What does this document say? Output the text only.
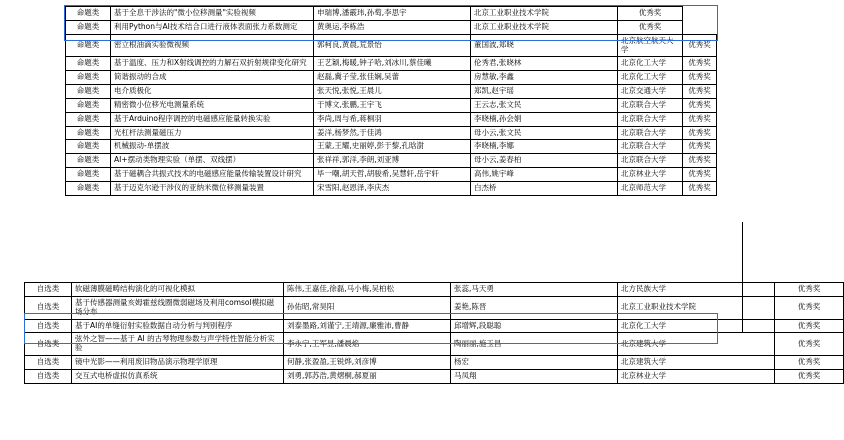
命题类	基于全息干涉法的"微小位移测量"实验视频	申瑞博,潘霰玮,孙萄,李思宇	北京工业职业技术学院	优秀奖	
命题类	利用Python与AI技术结合口进行液体表面张力系数测定	黄奥运,李栋浩	北京工业职业技术学院	优秀奖	
命题类	密立根油滴实验微视频	郭柯良,黄晨,荒景怡	董国波,郑晓	北京航空航天大学	优秀奖
命题类	基于温度、压力和X射线调控的力解石双折射规律变化研究	王艺颖,梅暖,钟子哈,刘冰川,蔡佳曦	伦秀君,张晓林	北京化工大学	优秀奖
命题类	简谐振动的合成	赵磊,冀子莹,张佳娴,吴蕾	房慧敏,李鑫	北京化工大学	优秀奖
命题类	电介质极化	张天悦,张悦,王晨儿	郑凯,赵宇瑶	北京交通大学	优秀奖
命题类	精密微小位移光电测量系统	于博文,张鹏,王宇飞	王云志,张文民	北京联合大学	优秀奖
命题类	基于Arduino程序调控的电磁感应能量转换实验	李尚,周与希,蒋桐羽	李晓楠,孙会娟	北京联合大学	优秀奖
命题类	光杠杆法测量磁压力	姜洋,杨梦然,于佳鸿	母小云,张文民	北京联合大学	优秀奖
命题类	机械振动-单摆波	王蒙,王耀,史丽婷,彭于黎,孔晗澍	李晓楠,李娜	北京联合大学	优秀奖
命题类	AI+摆动类物理实验（单摆、双线摆）	张祥祥,郭洋,李朗,刘亚博	母小云,姜春柏	北京联合大学	优秀奖
命题类	基于磁耦合共振式技术的电磁感应能量传输装置设计研究	毕一嘲,胡天哲,胡骏希,吴慧轩,岳宇轩	高伟,姚宇峰	北京林业大学	优秀奖
命题类	基于迈克尔逊干涉仪的亚纳米微位移测量装置	宋雪阳,赵恩泽,李庆杰	白杰桥	北京师范大学	优秀奖
自选类	软磁薄膜磁畴结构演化的可视化模拟	陈伟,王嘉佳,徐磊,马小梅,吴柏松	张蕊,马天勇	北方民族大学	优秀奖
自选类	基于传感器测量亥姆霍兹线圈微弱磁场及利用comsol模拟磁场分布	孙佑昭,常昊阳	姜艳,陈晋	北京工业职业技术学院	优秀奖
自选类	基于AI的单缝衍射实验数据自动分析与判别程序	刘泰墨路,刘谨宁,王靖源,廉雅沛,曹静	邱增辉,段聪聪	北京化工大学	优秀奖
自选类	弦外之智——基于 AI 的古琴物理参数与声学特性智能分析实验	李永宁,王军昱,潘晨焰	陶丽丽,施玉昌	北京建筑大学	优秀奖
自选类	镜中光影——利用废旧物品演示物理学原理	何静,张盈盈,王锐烨,刘彦博	杨宏	北京建筑大学	优秀奖
自选类	交互式电桥虚拟仿真系统	刘勇,郭苏浩,黄熠桐,郝夏丽	马凤翔	北京林业大学	优秀奖
